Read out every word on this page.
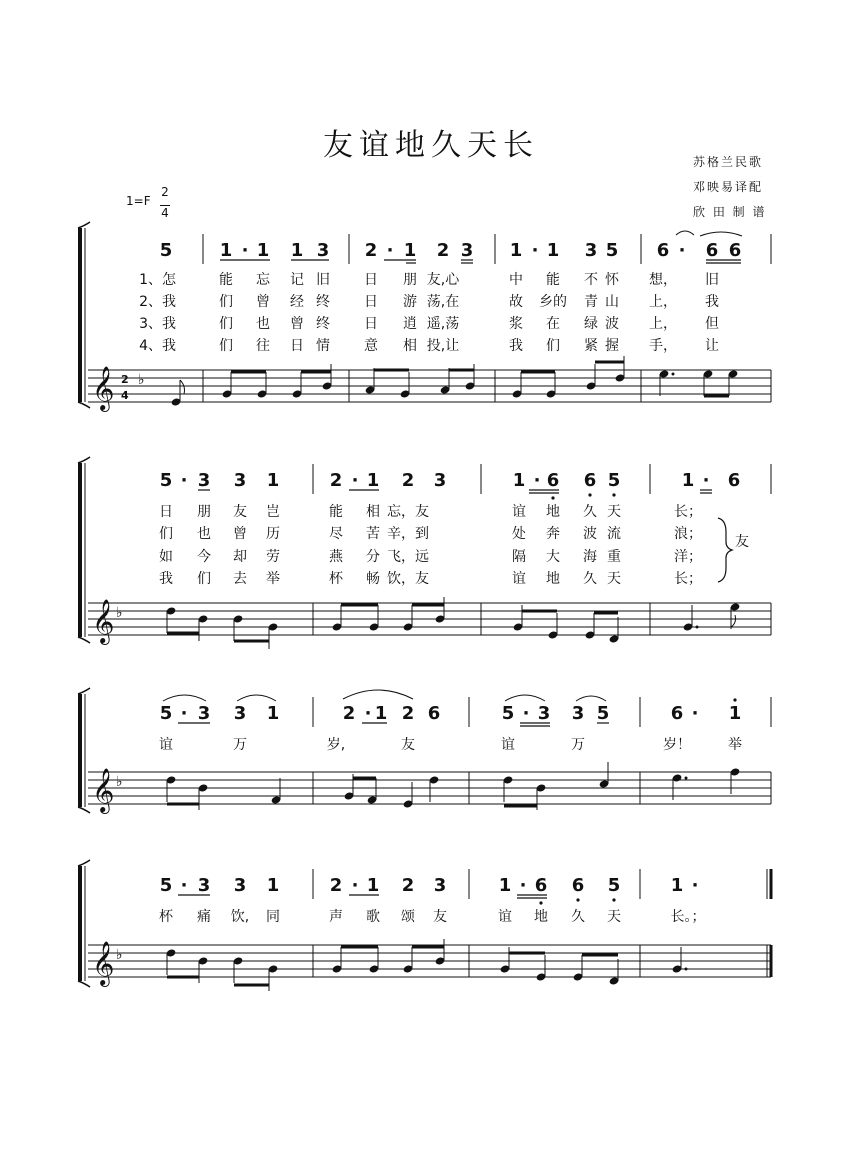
友谊地久天长	苏格兰民歌
邓映易译配
欣 田 制 谱
1=F
2
4
5	1 · 1 1 3 2 · 1 2 3 1 · 1 3 5 6 · 6 6
1、怎	能 忘 记 旧 日 朋 友,心	中 能 不 怀 想， 旧
2、我	们 曾 经 终 日 游 荡,在	故 乡的 青 山 上， 我
3、我	们 也 曾 终 日 逍 遥,荡	浆 在 绿 波 上， 但
4、我	们 往 日 情 意 相 投,让	我 们 紧 握 手， 让
𝄞 ♭
2
4
5 · 3 3 1	2 · 1 2 3	1 · 6 6 5	1 · 6
日 朋 友 岂	能 相 忘，友	谊 地 久 天	长；
们 也 曾 历	尽 苦 辛，到	处 奔 波 流	浪；
如 今 却 劳	燕 分 飞，远	隔 大 海 重	洋；
我 们 去 举	杯 畅 饮，友	谊 地 久 天	长；
𝄞 ♭
5 · 3 3 1	2 · 1 2 6	5 · 3 3 5	6 · 1
谊	万	岁,	友	谊	万	岁！	举
𝄞 ♭
5 · 3 3 1	2 · 1 2 3	1 · 6 6 5	1 ·
杯 痛 饮, 同	声 歌 颂 友	谊 地 久 天	长。；
𝄞 ♭
友
